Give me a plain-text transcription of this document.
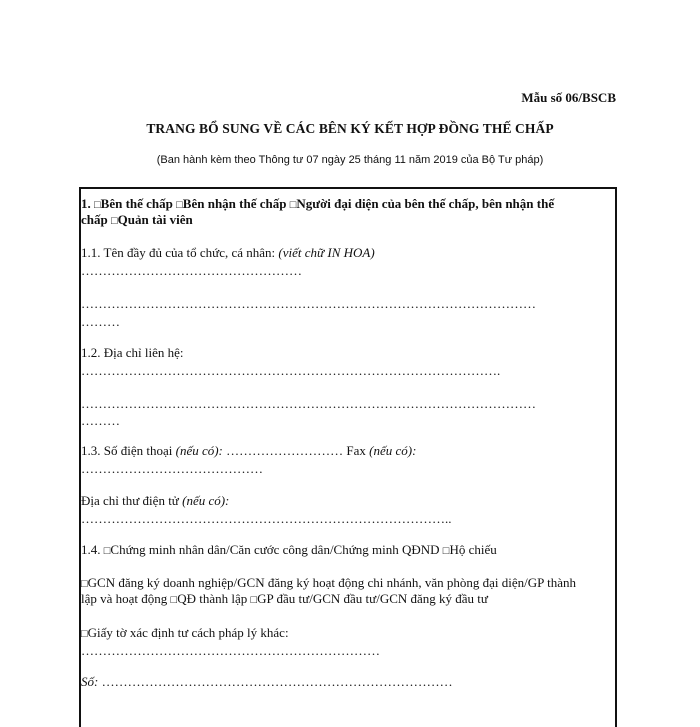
Mẫu số 06/BSCB
TRANG BỔ SUNG VỀ CÁC BÊN KÝ KẾT HỢP ĐỒNG THẾ CHẤP
(Ban hành kèm theo Thông tư 07 ngày 25 tháng 11 năm 2019 của Bộ Tư pháp)
1. □Bên thế chấp □Bên nhận thế chấp □Người đại diện của bên thế chấp, bên nhận thế
chấp □Quản tài viên
1.1. Tên đầy đủ của tổ chức, cá nhân: (viết chữ IN HOA)
……………………………………………
……………………………………………………………………………………………
………
1.2. Địa chỉ liên hệ:
…………………………………………………………………………………….
……………………………………………………………………………………………
………
1.3. Số điện thoại (nếu có): ……………………… Fax (nếu có):
……………………………………
Địa chỉ thư điện tử (nếu có):
…………………………………………………………………………..
1.4. □Chứng minh nhân dân/Căn cước công dân/Chứng minh QĐND □Hộ chiếu
□GCN đăng ký doanh nghiệp/GCN đăng ký hoạt động chi nhánh, văn phòng đại diện/GP thành
lập và hoạt động □QĐ thành lập □GP đầu tư/GCN đầu tư/GCN đăng ký đầu tư
□Giấy tờ xác định tư cách pháp lý khác:
……………………………………………………………
Số: ………………………………………………………………………
